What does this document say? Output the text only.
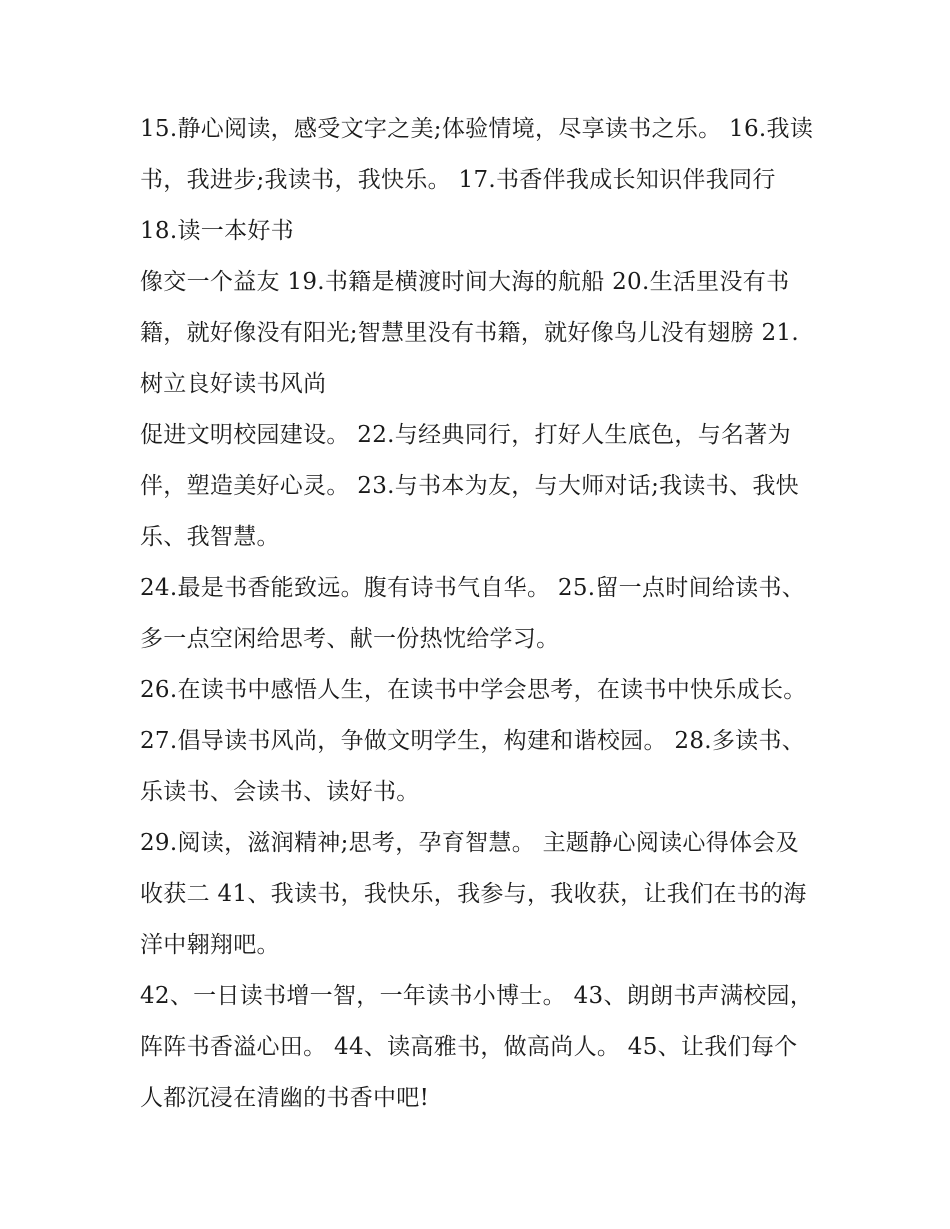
15.静心阅读，感受文字之美;体验情境，尽享读书之乐。 16.我读书，我进步;我读书，我快乐。 17.书香伴我成长知识伴我同行 18.读一本好书

像交一个益友 19.书籍是横渡时间大海的航船 20.生活里没有书籍，就好像没有阳光;智慧里没有书籍，就好像鸟儿没有翅膀 21.树立良好读书风尚

促进文明校园建设。 22.与经典同行，打好人生底色，与名著为伴，塑造美好心灵。 23.与书本为友，与大师对话;我读书、我快乐、我智慧。

24.最是书香能致远。腹有诗书气自华。 25.留一点时间给读书、多一点空闲给思考、献一份热忱给学习。

26.在读书中感悟人生，在读书中学会思考，在读书中快乐成长。 27.倡导读书风尚，争做文明学生，构建和谐校园。 28.多读书、乐读书、会读书、读好书。

29.阅读，滋润精神;思考，孕育智慧。 主题静心阅读心得体会及收获二 41、我读书，我快乐，我参与，我收获，让我们在书的海洋中翱翔吧。

42、一日读书增一智，一年读书小博士。 43、朗朗书声满校园，阵阵书香溢心田。 44、读高雅书，做高尚人。 45、让我们每个人都沉浸在清幽的书香中吧!
